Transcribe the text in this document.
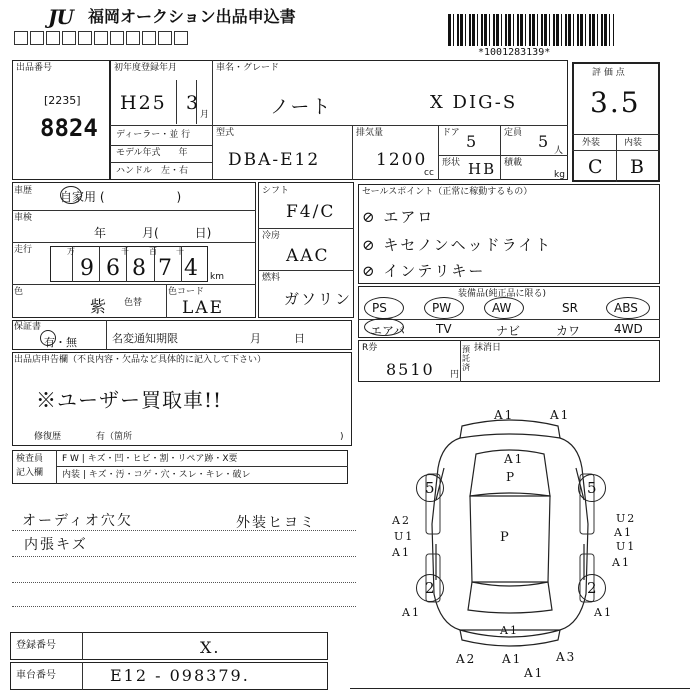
JU 福岡オークション出品申込書
*1001283139*
出品番号
[2235]
8824
初年度登録年月
H25 3
月
車名・グレード
ノート	X DIG-S
ディーラー・並 行
モデル年式　　年
ハンドル　左・右
型式
DBA-E12
排気量
1200
cc
ドア 5	定員 5 人
形状 HB 積載
kg
評 価 点
3.5
外装	内装
C B
車歴 自家用 (　　　　　　)
車検
年　　　月(　　　日)
走行	万	千	百 十
96874 km
色
紫 色替
色コード
LAE
シフト
F4/C
冷房
AAC
燃料
ガソリン
セールスポイント（正常に稼動するもの）
⊘ エアロ
⊘ キセノンヘッドライト
⊘ インテリキー
装備品(純正品に限る)
PS	PW	AW	SR	ABS
エアバ	TV	ナビ	カワ	4WD
保証書
有・無	名変通知期限	月　　　日
R券
8510 円
預託済
抹消日
出品店申告欄（不良内容・欠品など具体的に記入して下さい）
※ユーザー買取車!!
修復歴	有（箇所	)
検査員
記入欄
F W | キズ・凹・ヒビ・割・リペア跡・X要
内装 | キズ・汚・コゲ・穴・スレ・キレ・破レ
オーディオ穴欠	外装ヒヨミ
内張キズ
登録番号	X.
車台番号	E12 - 098379.
5	5
2	2
A1	A1
A1
P
P
A2
U1
A1
A1
U2
A1
U1
A1
A1
A1
A2 A1
A1
A3
